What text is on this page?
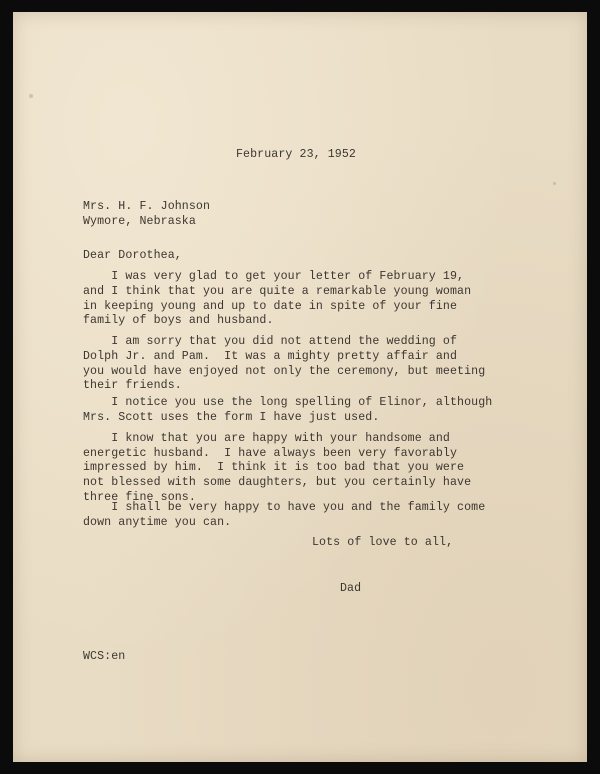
February 23, 1952
Mrs. H. F. Johnson
Wymore, Nebraska
Dear Dorothea,
I was very glad to get your letter of February 19,
and I think that you are quite a remarkable young woman
in keeping young and up to date in spite of your fine
family of boys and husband.
I am sorry that you did not attend the wedding of
Dolph Jr. and Pam.  It was a mighty pretty affair and
you would have enjoyed not only the ceremony, but meeting
their friends.
I notice you use the long spelling of Elinor, although
Mrs. Scott uses the form I have just used.
I know that you are happy with your handsome and
energetic husband.  I have always been very favorably
impressed by him.  I think it is too bad that you were
not blessed with some daughters, but you certainly have
three fine sons.
I shall be very happy to have you and the family come
down anytime you can.
Lots of love to all,
Dad
WCS:en
